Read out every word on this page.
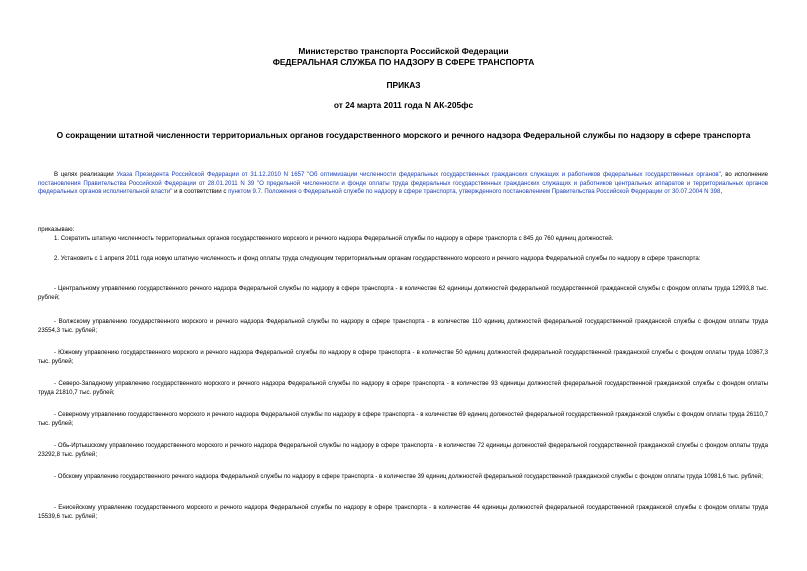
Министерство транспорта Российской Федерации
ФЕДЕРАЛЬНАЯ СЛУЖБА ПО НАДЗОРУ В СФЕРЕ ТРАНСПОРТА
ПРИКАЗ
от 24 марта 2011 года N АК-205фс
О сокращении штатной численности территориальных органов государственного морского и речного надзора Федеральной службы по надзору в сфере транспорта

В целях реализации Указа Президента Российской Федерации от 31.12.2010 N 1657 "Об оптимизации численности федеральных государственных гражданских служащих и работников федеральных государственных органов", во исполнение постановления Правительства Российской Федерации от 28.01.2011 N 39 "О предельной численности и фонде оплаты труда федеральных государственных гражданских служащих и работников центральных аппаратов и территориальных органов федеральных органов исполнительной власти" и в соответствии с пунктом 9.7. Положения о Федеральной службе по надзору в сфере транспорта, утвержденного постановлением Правительства Российской Федерации от 30.07.2004 N 398,

приказываю:

1. Сократить штатную численность территориальных органов государственного морского и речного надзора Федеральной службы по надзору в сфере транспорта с 845 до 760 единиц должностей.

2. Установить с 1 апреля 2011 года новую штатную численность и фонд оплаты труда следующим территориальным органам государственного морского и речного надзора Федеральной службы по надзору в сфере транспорта:

- Центральному управлению государственного речного надзора Федеральной службы по надзору в сфере транспорта - в количестве 62 единицы должностей федеральной государственной гражданской службы с фондом оплаты труда 12993,8 тыс. рублей;

- Волжскому управлению государственного морского и речного надзора Федеральной службы по надзору в сфере транспорта - в количестве 110 единиц должностей федеральной государственной гражданской службы с фондом оплаты труда 23554,3 тыс. рублей;

- Южному управлению государственного морского и речного надзора Федеральной службы по надзору в сфере транспорта - в количестве 50 единиц должностей федеральной государственной гражданской службы с фондом оплаты труда 10367,3 тыс. рублей;

- Северо-Западному управлению государственного морского и речного надзора Федеральной службы по надзору в сфере транспорта - в количестве 93 единицы должностей федеральной государственной гражданской службы с фондом оплаты труда 21810,7 тыс. рублей;

- Северному управлению государственного морского и речного надзора Федеральной службы по надзору в сфере транспорта - в количестве 69 единиц должностей федеральной государственной гражданской службы с фондом оплаты труда 26110,7 тыс. рублей;

- Обь-Иртышскому управлению государственного морского и речного надзора Федеральной службы по надзору в сфере транспорта - в количестве 72 единицы должностей федеральной государственной гражданской службы с фондом оплаты труда 23292,8 тыс. рублей;

- Обскому управлению государственного речного надзора Федеральной службы по надзору в сфере транспорта - в количестве 39 единиц должностей федеральной государственной гражданской службы с фондом оплаты труда 10981,6 тыс. рублей;

- Енисейскому управлению государственного морского и речного надзора Федеральной службы по надзору в сфере транспорта - в количестве 44 единицы должностей федеральной государственной гражданской службы с фондом оплаты труда 15539,6 тыс. рублей;
